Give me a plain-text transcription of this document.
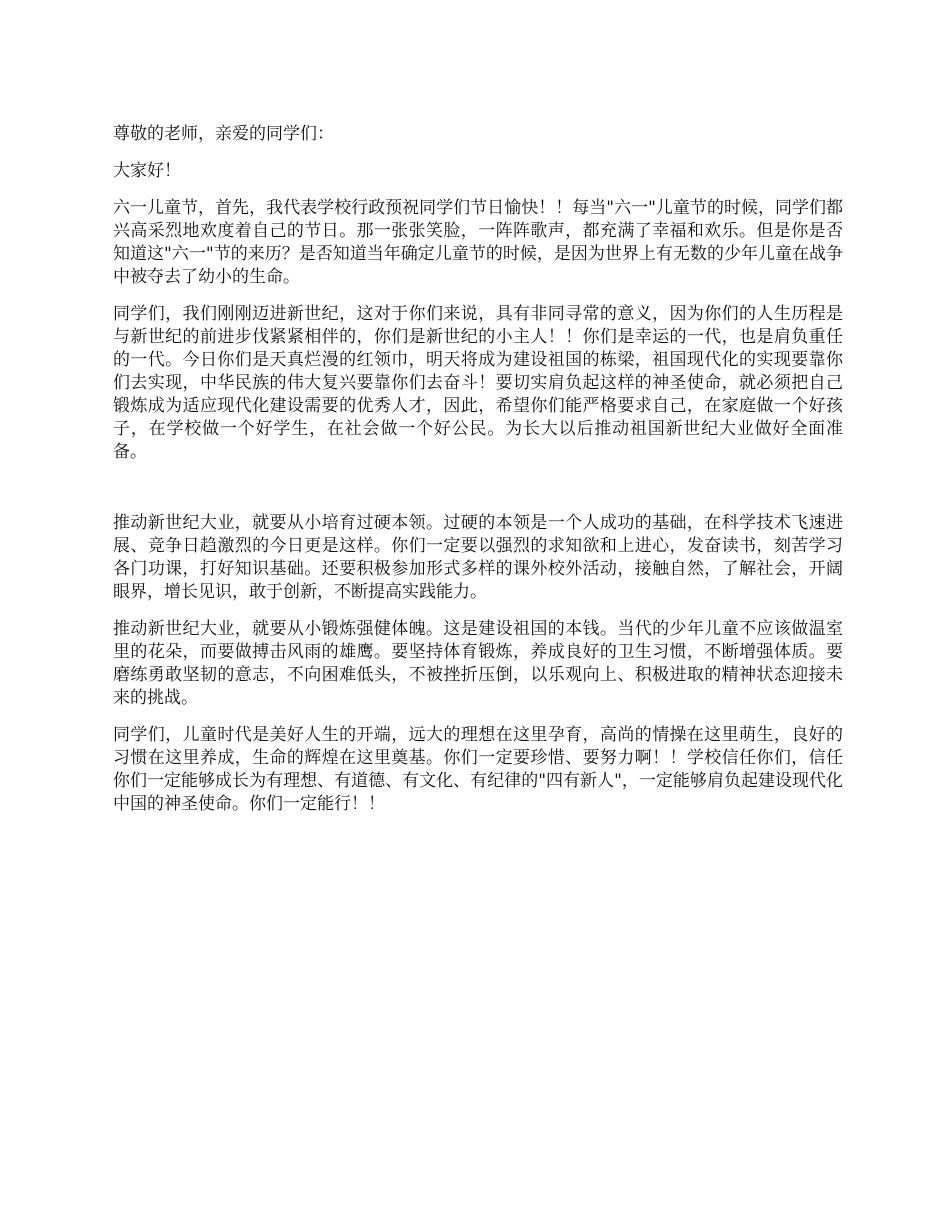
尊敬的老师，亲爱的同学们：

大家好！

六一儿童节，首先，我代表学校行政预祝同学们节日愉快！！每当"六一"儿童节的时候，同学们都兴高采烈地欢度着自己的节日。那一张张笑脸，一阵阵歌声，都充满了幸福和欢乐。但是你是否知道这"六一"节的来历？是否知道当年确定儿童节的时候，是因为世界上有无数的少年儿童在战争中被夺去了幼小的生命。

同学们，我们刚刚迈进新世纪，这对于你们来说，具有非同寻常的意义，因为你们的人生历程是与新世纪的前进步伐紧紧相伴的，你们是新世纪的小主人！！你们是幸运的一代，也是肩负重任的一代。今日你们是天真烂漫的红领巾，明天将成为建设祖国的栋梁，祖国现代化的实现要靠你们去实现，中华民族的伟大复兴要靠你们去奋斗！要切实肩负起这样的神圣使命，就必须把自己锻炼成为适应现代化建设需要的优秀人才，因此，希望你们能严格要求自己，在家庭做一个好孩子，在学校做一个好学生，在社会做一个好公民。为长大以后推动祖国新世纪大业做好全面准备。

推动新世纪大业，就要从小培育过硬本领。过硬的本领是一个人成功的基础，在科学技术飞速进展、竞争日趋激烈的今日更是这样。你们一定要以强烈的求知欲和上进心，发奋读书，刻苦学习各门功课，打好知识基础。还要积极参加形式多样的课外校外活动，接触自然，了解社会，开阔眼界，增长见识，敢于创新，不断提高实践能力。

推动新世纪大业，就要从小锻炼强健体魄。这是建设祖国的本钱。当代的少年儿童不应该做温室里的花朵，而要做搏击风雨的雄鹰。要坚持体育锻炼，养成良好的卫生习惯，不断增强体质。要磨练勇敢坚韧的意志，不向困难低头，不被挫折压倒，以乐观向上、积极进取的精神状态迎接未来的挑战。

同学们，儿童时代是美好人生的开端，远大的理想在这里孕育，高尚的情操在这里萌生，良好的习惯在这里养成，生命的辉煌在这里奠基。你们一定要珍惜、要努力啊！！学校信任你们，信任你们一定能够成长为有理想、有道德、有文化、有纪律的"四有新人"，一定能够肩负起建设现代化中国的神圣使命。你们一定能行！！
